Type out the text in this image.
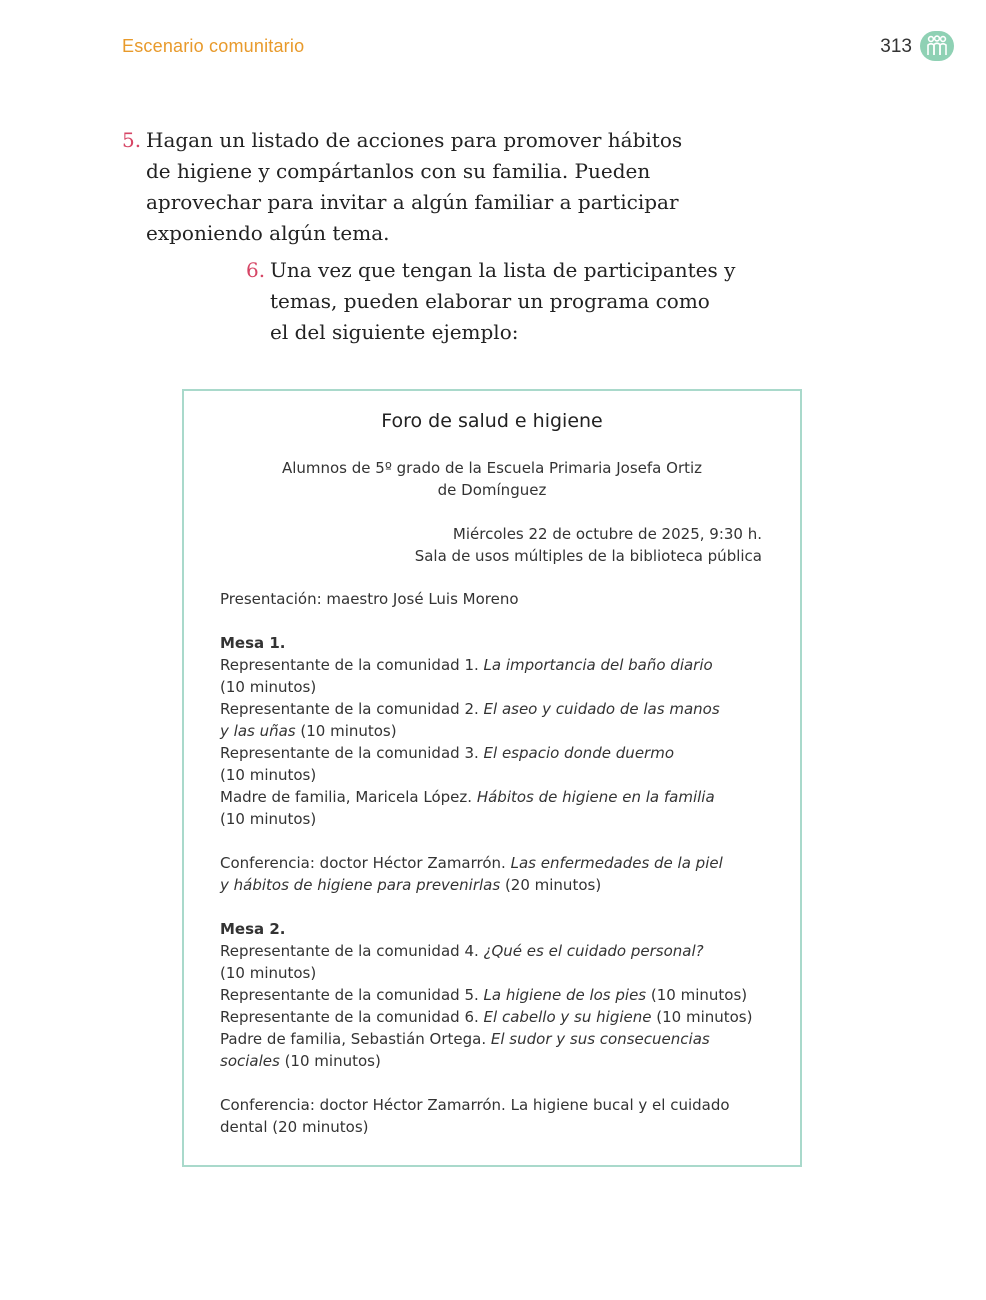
Escenario comunitario	313
5. Hagan un listado de acciones para promover hábitos
de higiene y compártanlos con su familia. Pueden
aprovechar para invitar a algún familiar a participar
exponiendo algún tema.
6. Una vez que tengan la lista de participantes y
temas, pueden elaborar un programa como
el del siguiente ejemplo:
Foro de salud e higiene
Alumnos de 5º grado de la Escuela Primaria Josefa Ortiz
de Domínguez
Miércoles 22 de octubre de 2025, 9:30 h.
Sala de usos múltiples de la biblioteca pública
Presentación: maestro José Luis Moreno
Mesa 1.
Representante de la comunidad 1. La importancia del baño diario
(10 minutos)
Representante de la comunidad 2. El aseo y cuidado de las manos
y las uñas (10 minutos)
Representante de la comunidad 3. El espacio donde duermo
(10 minutos)
Madre de familia, Maricela López. Hábitos de higiene en la familia
(10 minutos)
Conferencia: doctor Héctor Zamarrón. Las enfermedades de la piel
y hábitos de higiene para prevenirlas (20 minutos)
Mesa 2.
Representante de la comunidad 4. ¿Qué es el cuidado personal?
(10 minutos)
Representante de la comunidad 5. La higiene de los pies (10 minutos)
Representante de la comunidad 6. El cabello y su higiene (10 minutos)
Padre de familia, Sebastián Ortega. El sudor y sus consecuencias
sociales (10 minutos)
Conferencia: doctor Héctor Zamarrón. La higiene bucal y el cuidado
dental (20 minutos)
